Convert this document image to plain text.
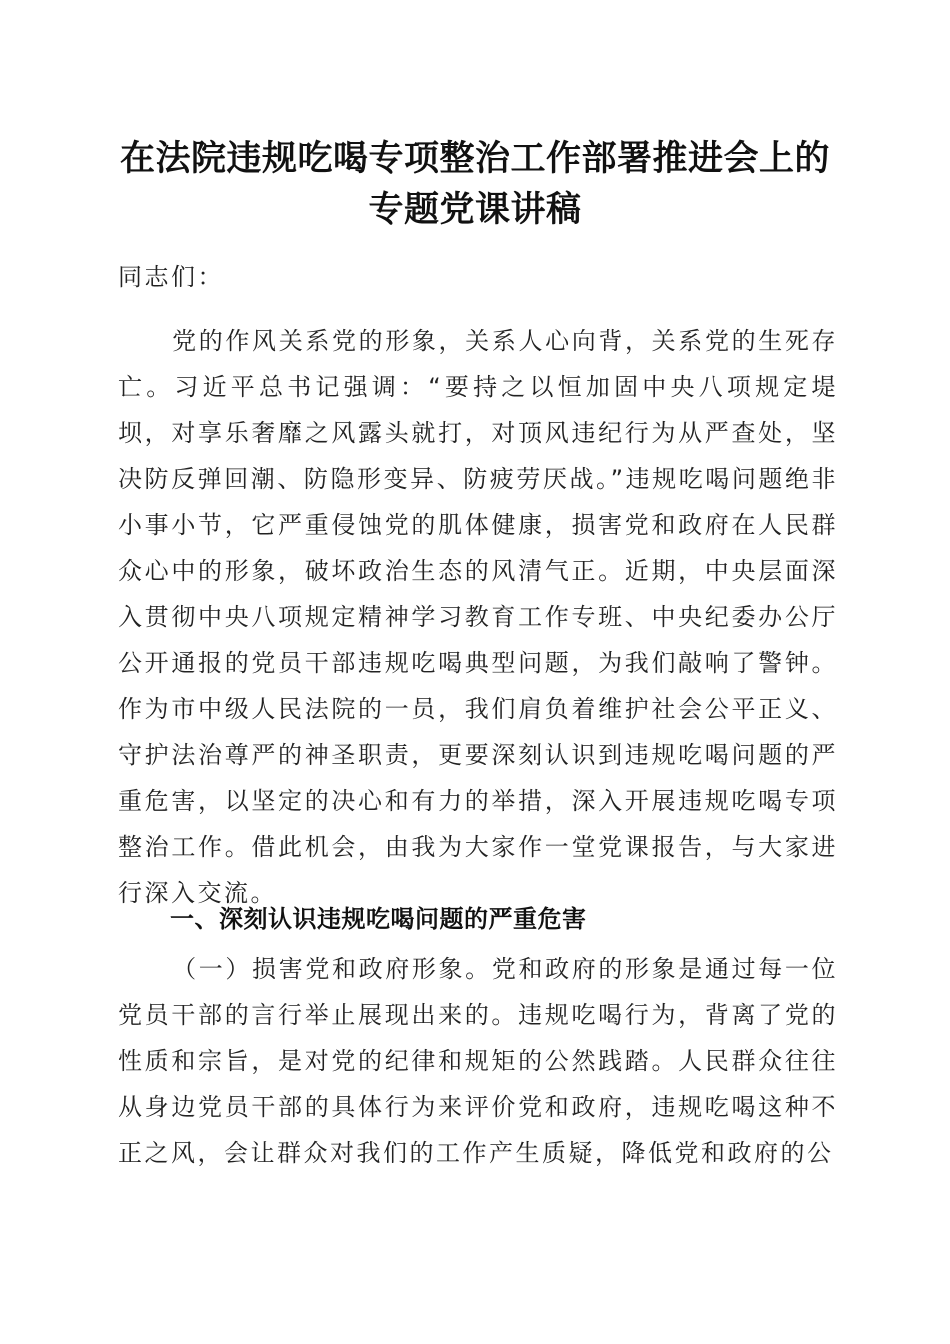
在法院违规吃喝专项整治工作部署推进会上的
专题党课讲稿
同志们：
党的作风关系党的形象，关系人心向背，关系党的生死存亡。习近平总书记强调：“要持之以恒加固中央八项规定堤坝，对享乐奢靡之风露头就打，对顶风违纪行为从严查处，坚决防反弹回潮、防隐形变异、防疲劳厌战。”违规吃喝问题绝非小事小节，它严重侵蚀党的肌体健康，损害党和政府在人民群众心中的形象，破坏政治生态的风清气正。近期，中央层面深入贯彻中央八项规定精神学习教育工作专班、中央纪委办公厅公开通报的党员干部违规吃喝典型问题，为我们敲响了警钟。作为市中级人民法院的一员，我们肩负着维护社会公平正义、守护法治尊严的神圣职责，更要深刻认识到违规吃喝问题的严重危害，以坚定的决心和有力的举措，深入开展违规吃喝专项整治工作。借此机会，由我为大家作一堂党课报告，与大家进行深入交流。
一、深刻认识违规吃喝问题的严重危害
（一）损害党和政府形象。党和政府的形象是通过每一位党员干部的言行举止展现出来的。违规吃喝行为，背离了党的性质和宗旨，是对党的纪律和规矩的公然践踏。人民群众往往从身边党员干部的具体行为来评价党和政府，违规吃喝这种不正之风，会让群众对我们的工作产生质疑，降低党和政府的公
